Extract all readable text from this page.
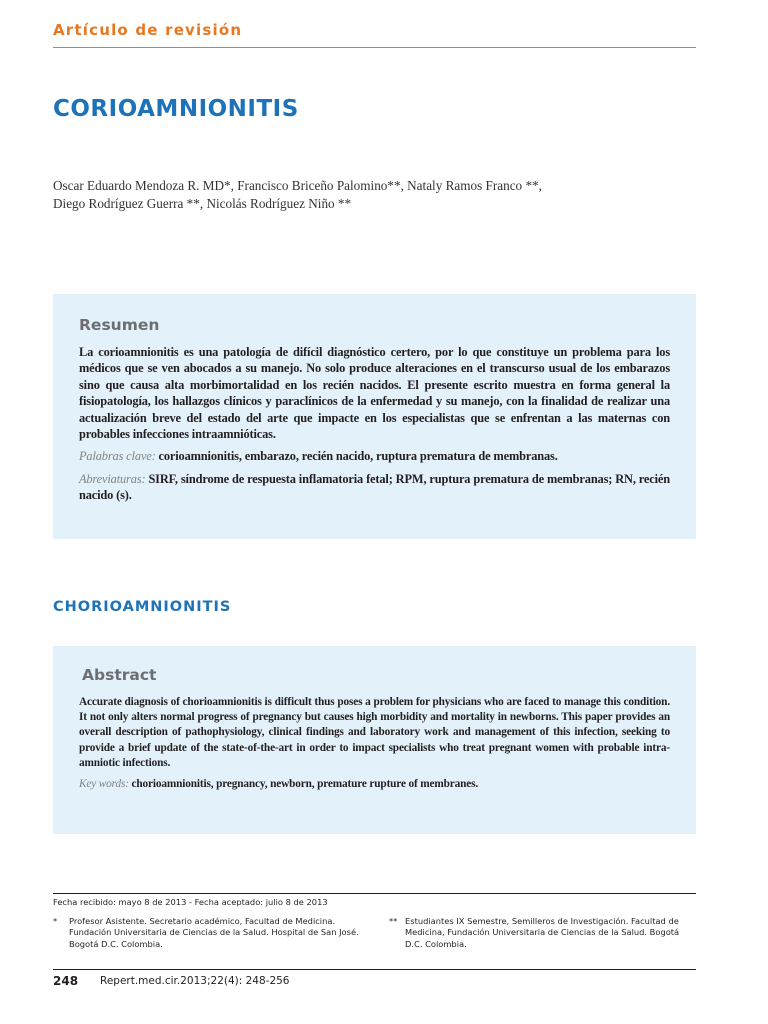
Artículo de revisión
CORIOAMNIONITIS
Oscar Eduardo Mendoza R. MD*, Francisco Briceño Palomino**, Nataly Ramos Franco **,
Diego Rodríguez Guerra **, Nicolás Rodríguez Niño **
Resumen
La corioamnionitis es una patología de difícil diagnóstico certero, por lo que constituye un problema para los médicos que se ven abocados a su manejo. No solo produce alteraciones en el transcurso usual de los embarazos sino que causa alta morbimortalidad en los recién nacidos. El presente escrito muestra en forma general la fisiopatología, los hallazgos clínicos y paraclínicos de la enfermedad y su manejo, con la finalidad de realizar una actualización breve del estado del arte que impacte en los especialistas que se enfrentan a las maternas con probables infecciones intraamnióticas.
Palabras clave: corioamnionitis, embarazo, recién nacido, ruptura prematura de membranas.
Abreviaturas: SIRF, síndrome de respuesta inflamatoria fetal; RPM, ruptura prematura de membranas; RN, recién nacido (s).
CHORIOAMNIONITIS
Abstract
Accurate diagnosis of chorioamnionitis is difficult thus poses a problem for physicians who are faced to manage this condition. It not only alters normal progress of pregnancy but causes high morbidity and mortality in newborns. This paper provides an overall description of pathophysiology, clinical findings and laboratory work and management of this infection, seeking to provide a brief update of the state-of-the-art in order to impact specialists who treat pregnant women with probable intra-amniotic infections.
Key words: chorioamnionitis, pregnancy, newborn, premature rupture of membranes.
Fecha recibido: mayo 8 de 2013 - Fecha aceptado: julio 8 de 2013
* Profesor Asistente. Secretario académico, Facultad de Medicina. Fundación Universitaria de Ciencias de la Salud. Hospital de San José. Bogotá D.C. Colombia.
** Estudiantes IX Semestre, Semilleros de Investigación. Facultad de Medicina, Fundación Universitaria de Ciencias de la Salud. Bogotá D.C. Colombia.
248 Repert.med.cir.2013;22(4): 248-256
